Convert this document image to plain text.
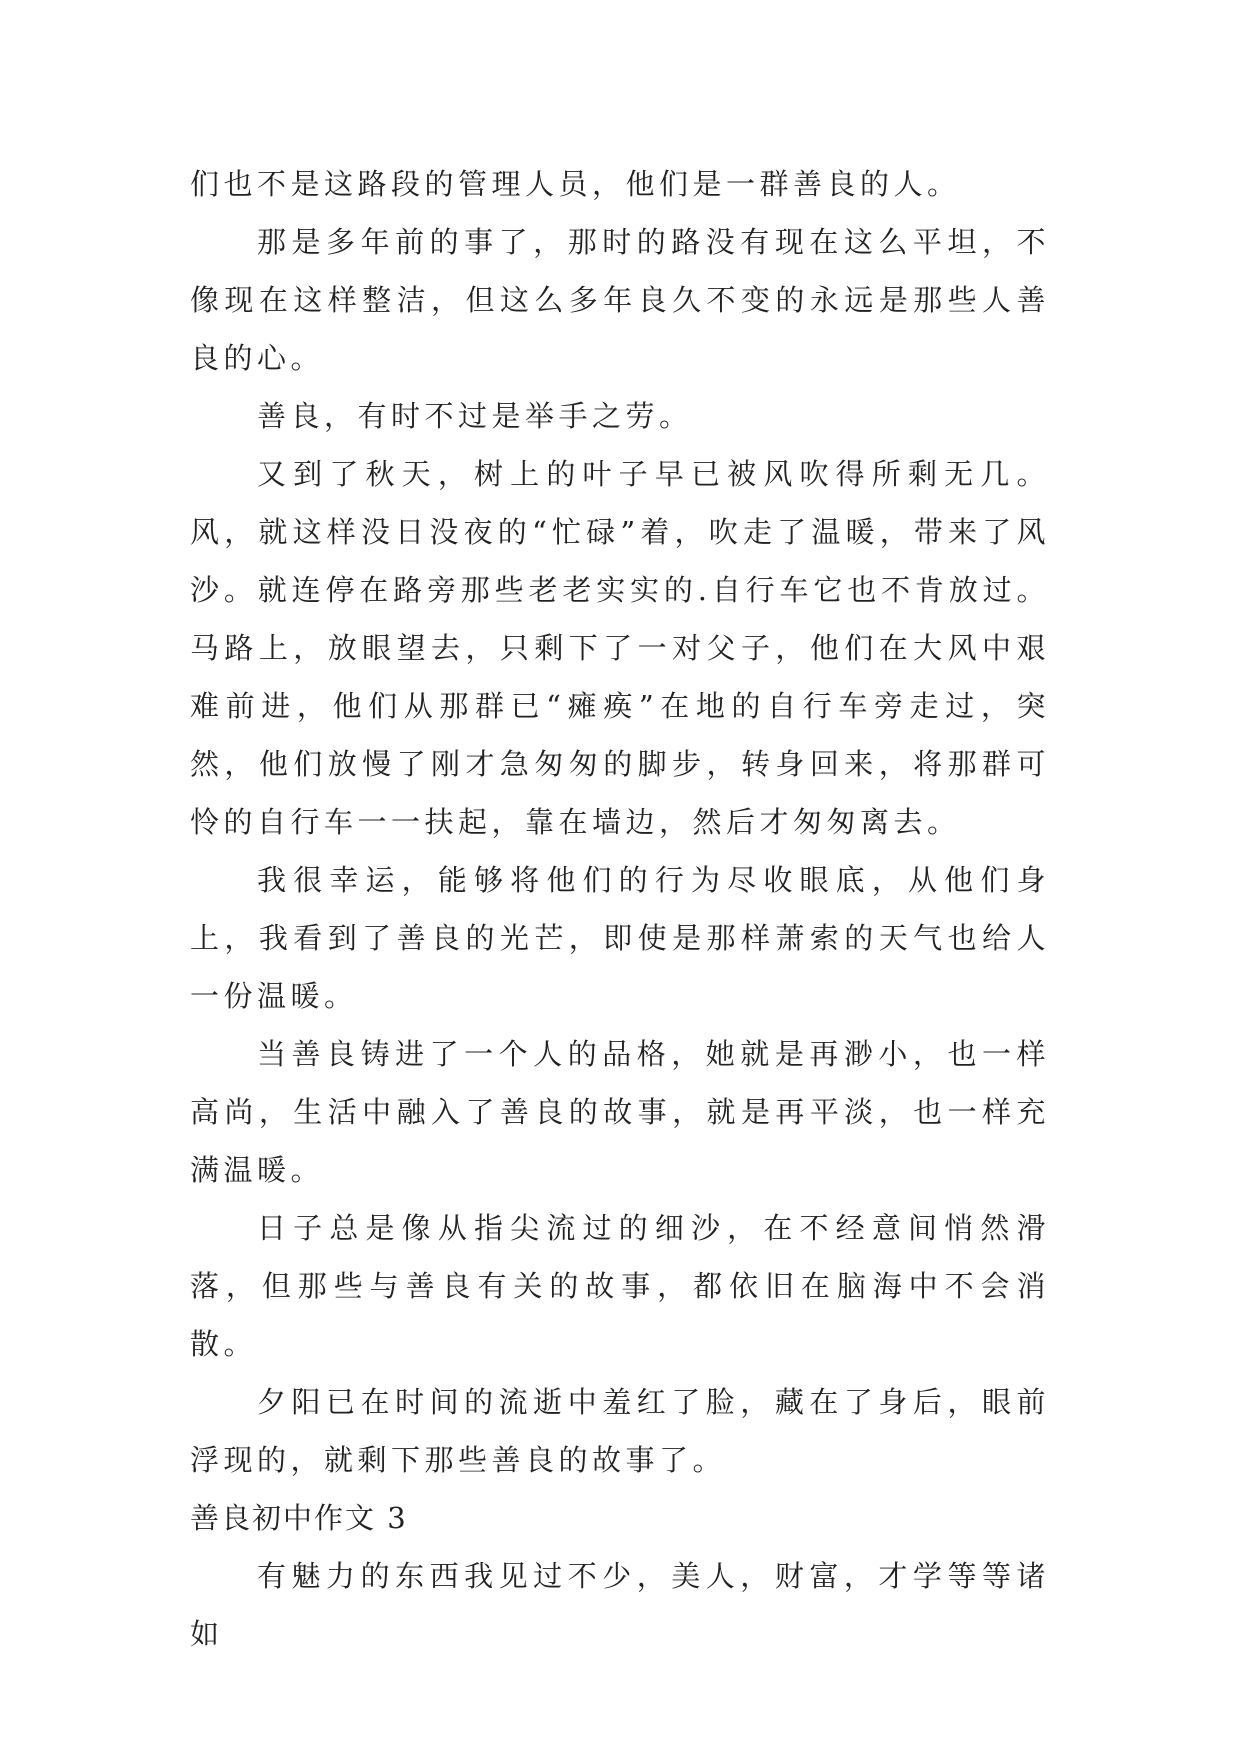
们也不是这路段的管理人员，他们是一群善良的人。

那是多年前的事了，那时的路没有现在这么平坦，不像现在这样整洁，但这么多年良久不变的永远是那些人善良的心。

善良，有时不过是举手之劳。

又到了秋天，树上的叶子早已被风吹得所剩无几。风，就这样没日没夜的“忙碌”着，吹走了温暖，带来了风沙。就连停在路旁那些老老实实的.自行车它也不肯放过。马路上，放眼望去，只剩下了一对父子，他们在大风中艰难前进，他们从那群已“瘫痪”在地的自行车旁走过，突然，他们放慢了刚才急匆匆的脚步，转身回来，将那群可怜的自行车一一扶起，靠在墙边，然后才匆匆离去。

我很幸运，能够将他们的行为尽收眼底，从他们身上，我看到了善良的光芒，即使是那样萧索的天气也给人一份温暖。

当善良铸进了一个人的品格，她就是再渺小，也一样高尚，生活中融入了善良的故事，就是再平淡，也一样充满温暖。

日子总是像从指尖流过的细沙，在不经意间悄然滑落，但那些与善良有关的故事，都依旧在脑海中不会消散。

夕阳已在时间的流逝中羞红了脸，藏在了身后，眼前浮现的，就剩下那些善良的故事了。

善良初中作文 3

有魅力的东西我见过不少，美人，财富，才学等等诸如
